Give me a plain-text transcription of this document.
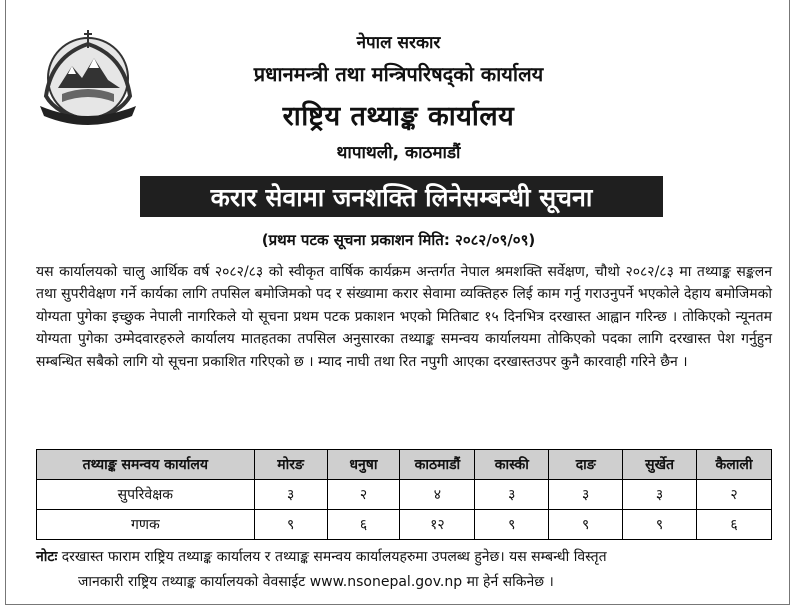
नेपाल सरकार
प्रधानमन्त्री तथा मन्त्रिपरिषद्को कार्यालय
राष्ट्रिय तथ्याङ्क कार्यालय
थापाथली, काठमाडौं
करार सेवामा जनशक्ति लिनेसम्बन्धी सूचना
(प्रथम पटक सूचना प्रकाशन मिति: २०८२/०९/०९)
यस कार्यालयको चालु आर्थिक वर्ष २०८२/८३ को स्वीकृत वार्षिक कार्यक्रम अन्तर्गत नेपाल श्रमशक्ति सर्वेक्षण, चौथो २०८२/८३ मा तथ्याङ्क सङ्कलन तथा सुपरीवेक्षण गर्ने कार्यका लागि तपसिल बमोजिमको पद र संख्यामा करार सेवामा व्यक्तिहरु लिई काम गर्नु गराउनुपर्ने भएकोले देहाय बमोजिमको योग्यता पुगेका इच्छुक नेपाली नागरिकले यो सूचना प्रथम पटक प्रकाशन भएको मितिबाट १५ दिनभित्र दरखास्त आह्वान गरिन्छ । तोकिएको न्यूनतम योग्यता पुगेका उम्मेदवारहरुले कार्यालय मातहतका तपसिल अनुसारका तथ्याङ्क समन्वय कार्यालयमा तोकिएको पदका लागि दरखास्त पेश गर्नुहुन सम्बन्धित सबैको लागि यो सूचना प्रकाशित गरिएको छ । म्याद नाघी तथा रित नपुगी आएका दरखास्तउपर कुनै कारवाही गरिने छैन ।
तथ्याङ्क समन्वय कार्यालय	मोरङ	धनुषा	काठमाडौं	कास्की	दाङ	सुर्खेत	कैलाली
सुपरिवेक्षक	३	२	४	३	३	३	२
गणक	९	६	१२	९	९	९	६
नोटः दरखास्त फाराम राष्ट्रिय तथ्याङ्क कार्यालय र तथ्याङ्क समन्वय कार्यालयहरुमा उपलब्ध हुनेछ। यस सम्बन्धी विस्तृत
जानकारी राष्ट्रिय तथ्याङ्क कार्यालयको वेवसाईट www.nsonepal.gov.np मा हेर्न सकिनेछ ।
